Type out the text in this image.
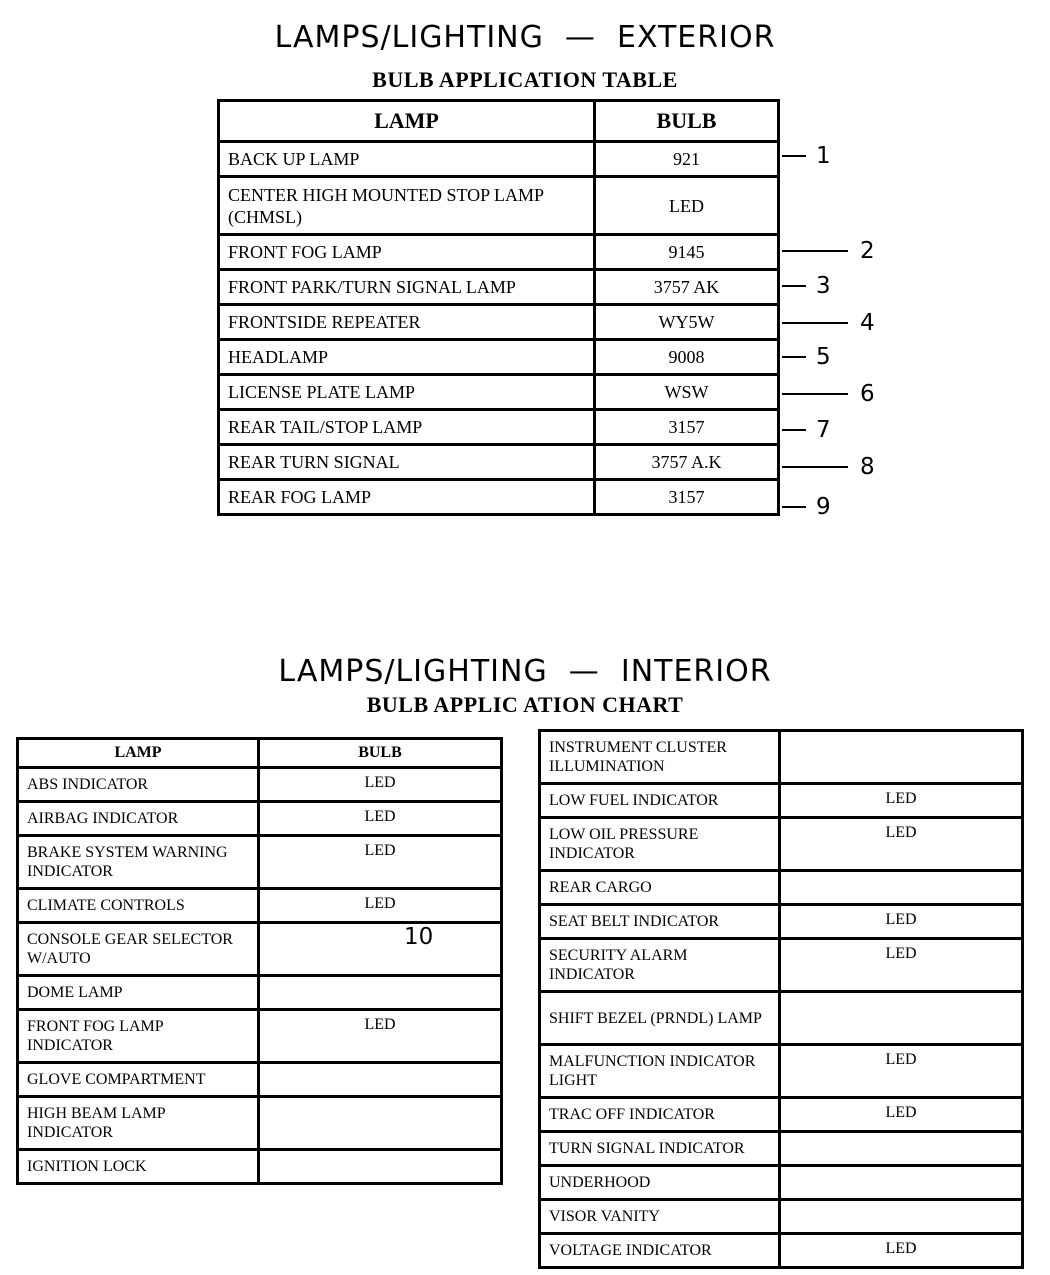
LAMPS/LIGHTING  —  EXTERIOR
BULB APPLICATION TABLE
LAMP	BULB
BACK UP LAMP	921
CENTER HIGH MOUNTED STOP LAMP (CHMSL)	LED
FRONT FOG LAMP	9145
FRONT PARK/TURN SIGNAL LAMP	3757 AK
FRONTSIDE REPEATER	WY5W
HEADLAMP	9008
LICENSE PLATE LAMP	WSW
REAR TAIL/STOP LAMP	3157
REAR TURN SIGNAL	3757 A.K
REAR FOG LAMP	3157
1
2
3
4
5
6
7
8
9
LAMPS/LIGHTING  —  INTERIOR
BULB APPLIC ATION CHART
LAMP	BULB
ABS INDICATOR	LED
AIRBAG INDICATOR	LED
BRAKE SYSTEM WARNING INDICATOR	LED
CLIMATE CONTROLS	LED
CONSOLE GEAR SELECTOR W/AUTO	
DOME LAMP	
FRONT FOG LAMP INDICATOR	LED
GLOVE COMPARTMENT	
HIGH BEAM LAMP INDICATOR	
IGNITION LOCK	
10
INSTRUMENT CLUSTER ILLUMINATION	
LOW FUEL INDICATOR	LED
LOW OIL PRESSURE INDICATOR	LED
REAR CARGO	
SEAT BELT INDICATOR	LED
SECURITY ALARM INDICATOR	LED
SHIFT BEZEL (PRNDL) LAMP	
MALFUNCTION INDICATOR LIGHT	LED
TRAC OFF INDICATOR	LED
TURN SIGNAL INDICATOR	
UNDERHOOD	
VISOR VANITY	
VOLTAGE INDICATOR	LED
